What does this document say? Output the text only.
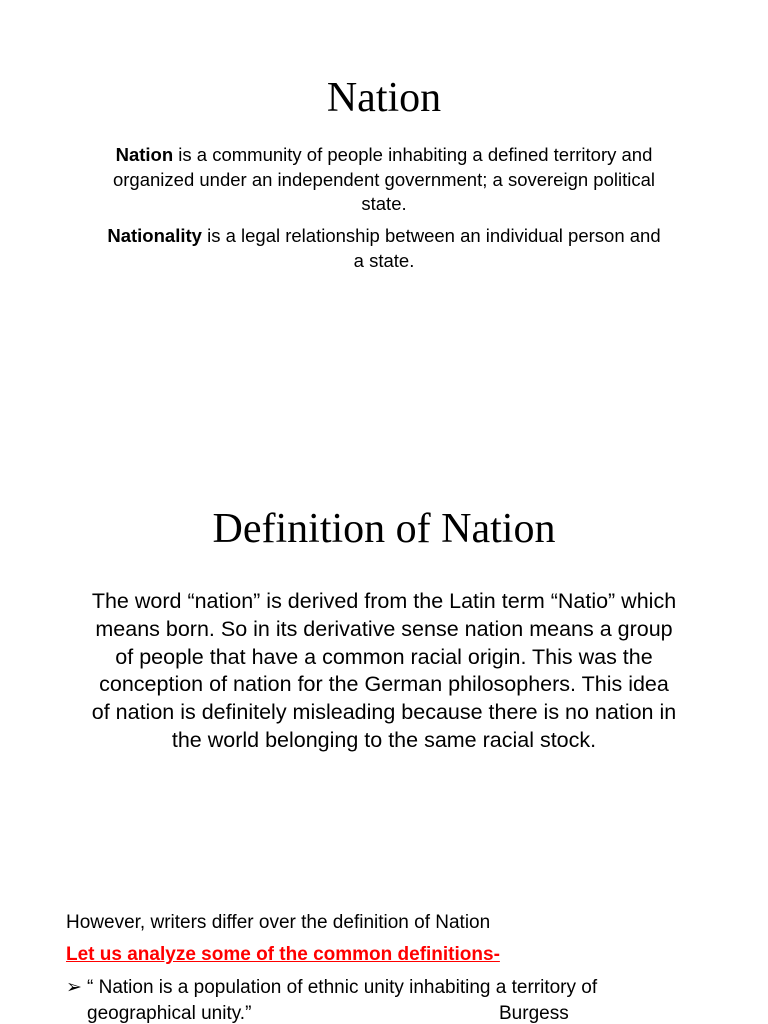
Nation

Nation is a community of people inhabiting a defined territory and organized under an independent government; a sovereign political state.

Nationality is a legal relationship between an individual person and a state.

Definition of Nation

The word “nation” is derived from the Latin term “Natio” which means born. So in its derivative sense nation means a group of people that have a common racial origin. This was the conception of nation for the German philosophers. This idea of nation is definitely misleading because there is no nation in the world belonging to the same racial stock.

However, writers differ over the definition of Nation

Let us analyze some of the common definitions-

➢ “ Nation is a population of ethnic unity inhabiting a territory of
geographical unity.”	Burgess
